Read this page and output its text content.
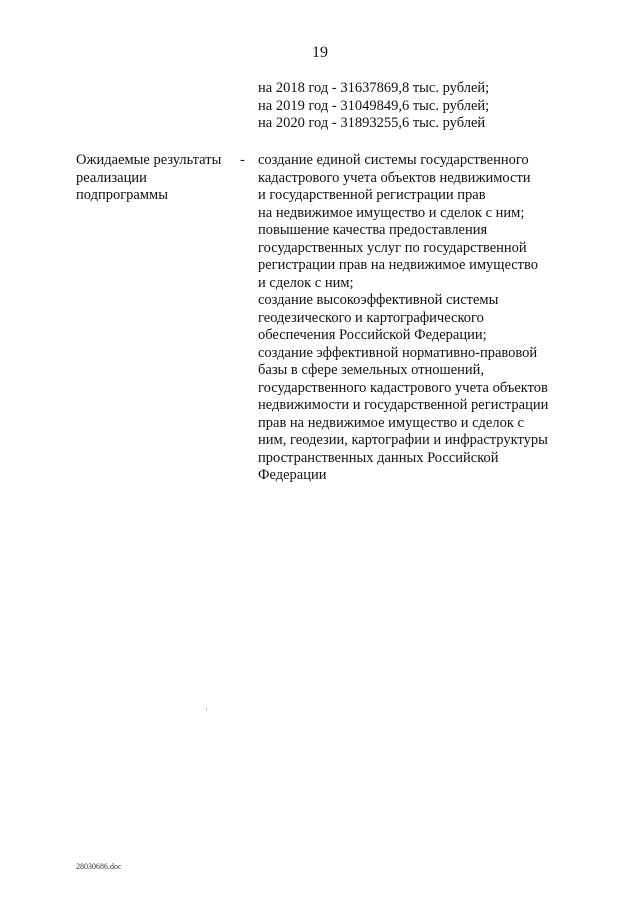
19
на 2018 год - 31637869,8 тыс. рублей;
на 2019 год - 31049849,6 тыс. рублей;
на 2020 год - 31893255,6 тыс. рублей
Ожидаемые результаты
реализации
подпрограммы
- создание единой системы государственного
кадастрового учета объектов недвижимости
и государственной регистрации прав
на недвижимое имущество и сделок с ним;
повышение качества предоставления
государственных услуг по государственной
регистрации прав на недвижимое имущество
и сделок с ним;
создание высокоэффективной системы
геодезического и картографического
обеспечения Российской Федерации;
создание эффективной нормативно-правовой
базы в сфере земельных отношений,
государственного кадастрового учета объектов
недвижимости и государственной регистрации
прав на недвижимое имущество и сделок с
ним, геодезии, картографии и инфраструктуры
пространственных данных Российской
Федерации
28030686.doc
